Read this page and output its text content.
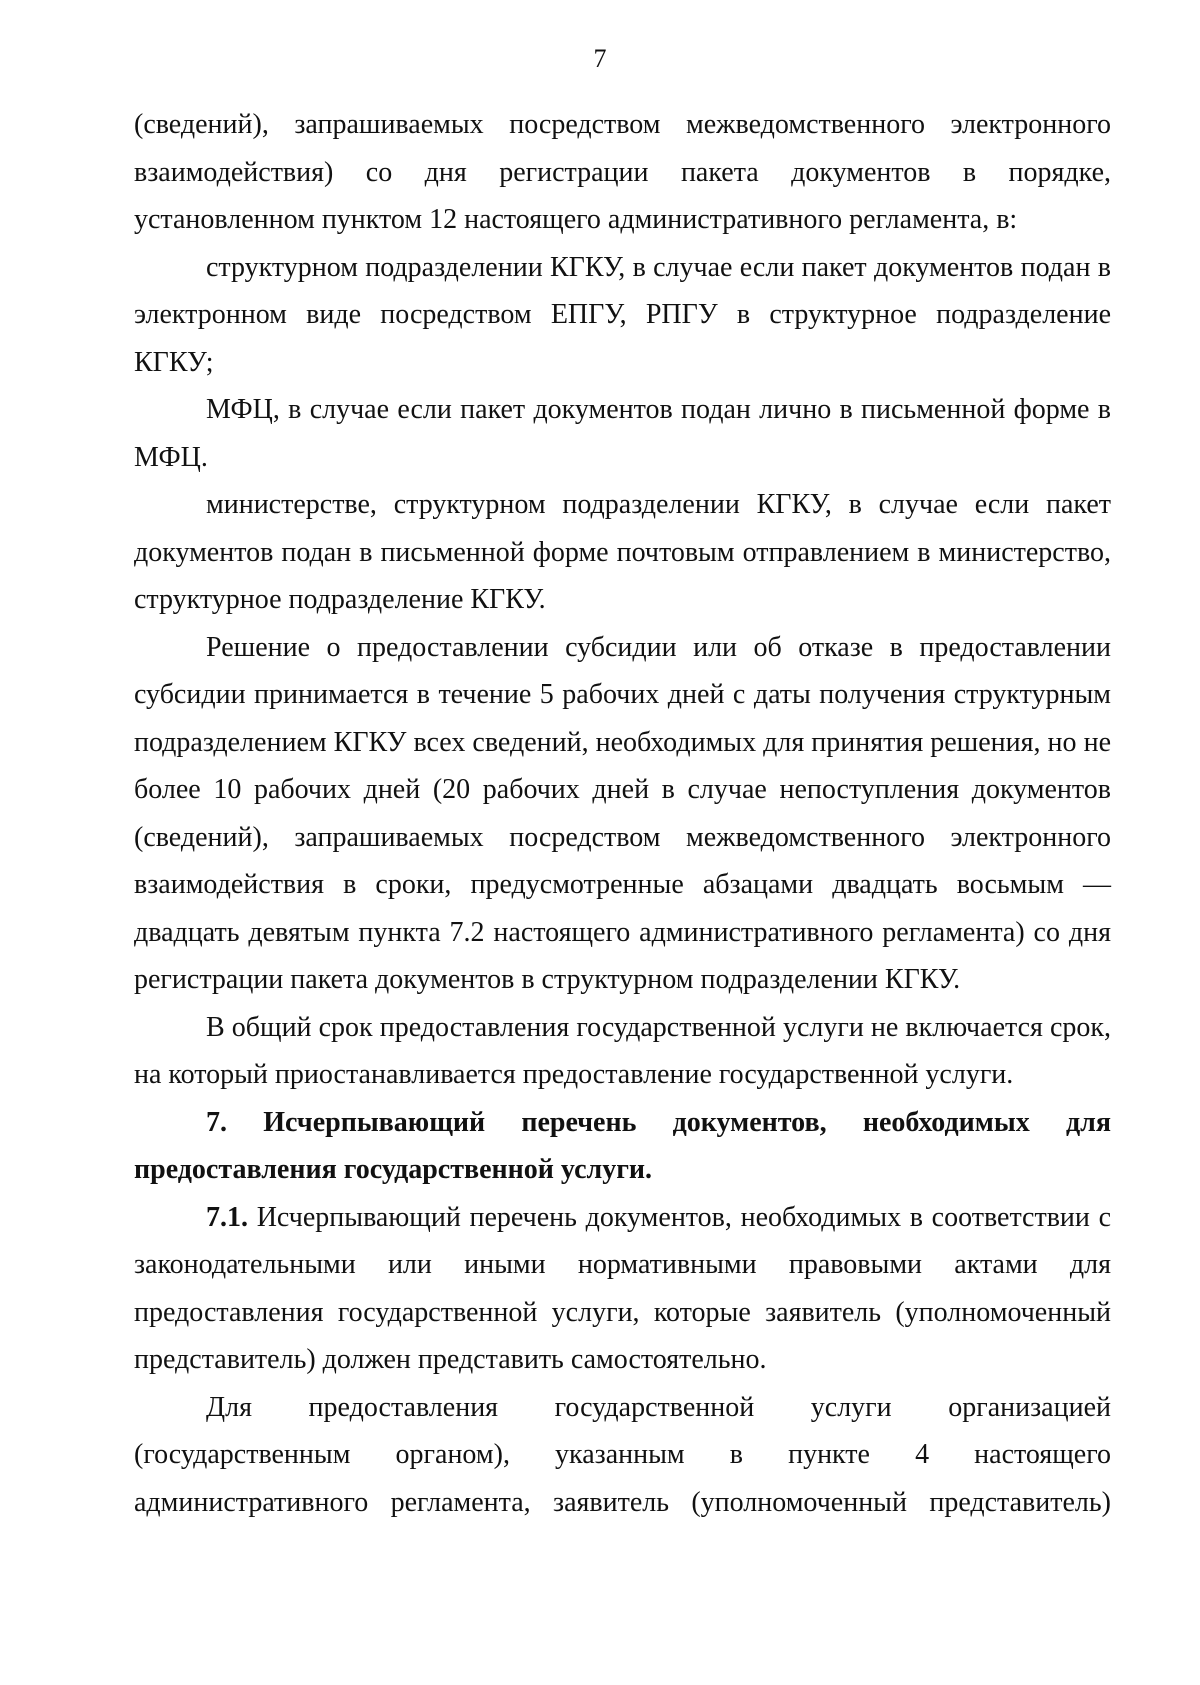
7

(сведений), запрашиваемых посредством межведомственного электронного взаимодействия) со дня регистрации пакета документов в порядке, установленном пунктом 12 настоящего административного регламента, в:

структурном подразделении КГКУ, в случае если пакет документов подан в электронном виде посредством ЕПГУ, РПГУ в структурное подразделение КГКУ;

МФЦ, в случае если пакет документов подан лично в письменной форме в МФЦ.

министерстве, структурном подразделении КГКУ, в случае если пакет документов подан в письменной форме почтовым отправлением в министерство, структурное подразделение КГКУ.

Решение о предоставлении субсидии или об отказе в предоставлении субсидии принимается в течение 5 рабочих дней с даты получения структурным подразделением КГКУ всех сведений, необходимых для принятия решения, но не более 10 рабочих дней (20 рабочих дней в случае непоступления документов (сведений), запрашиваемых посредством межведомственного электронного взаимодействия в сроки, предусмотренные абзацами двадцать восьмым — двадцать девятым пункта 7.2 настоящего административного регламента) со дня регистрации пакета документов в структурном подразделении КГКУ.

В общий срок предоставления государственной услуги не включается срок, на который приостанавливается предоставление государственной услуги.

7. Исчерпывающий перечень документов, необходимых для предоставления государственной услуги.

7.1. Исчерпывающий перечень документов, необходимых в соответствии с законодательными или иными нормативными правовыми актами для предоставления государственной услуги, которые заявитель (уполномоченный представитель) должен представить самостоятельно.

Для предоставления государственной услуги организацией (государственным органом), указанным в пункте 4 настоящего административного регламента, заявитель (уполномоченный представитель)
